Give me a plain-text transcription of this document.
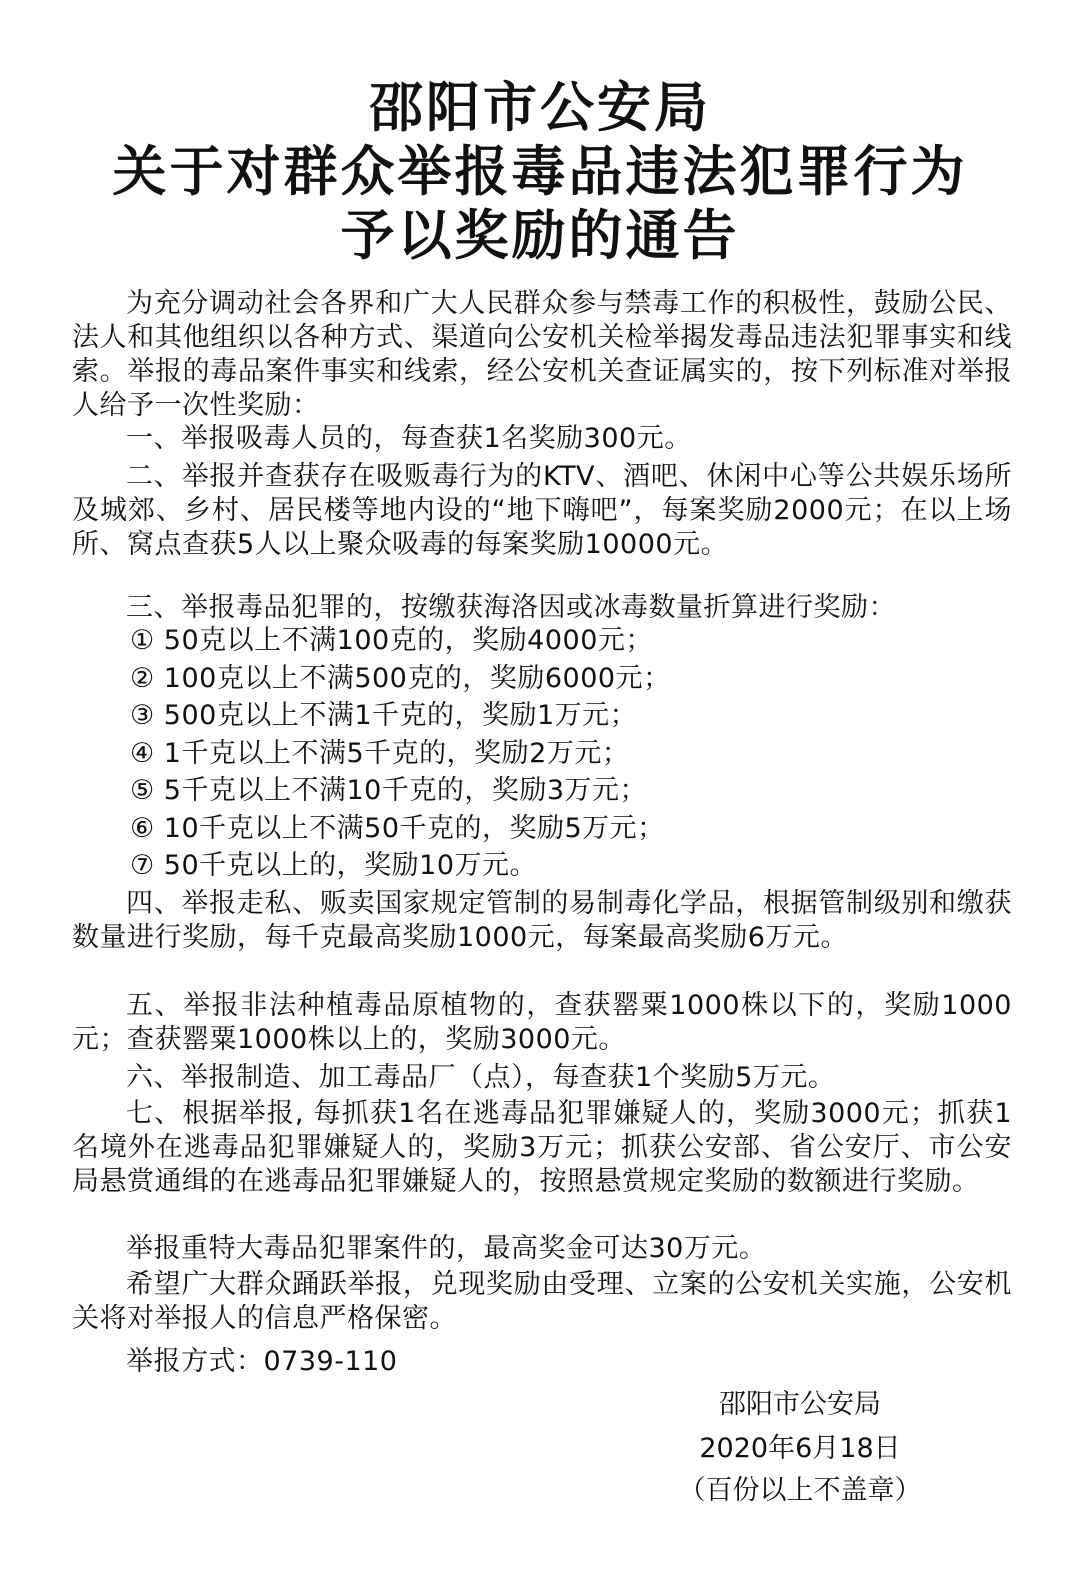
邵阳市公安局
关于对群众举报毒品违法犯罪行为
予以奖励的通告

为充分调动社会各界和广大人民群众参与禁毒工作的积极性，鼓励公民、法人和其他组织以各种方式、渠道向公安机关检举揭发毒品违法犯罪事实和线索。举报的毒品案件事实和线索，经公安机关查证属实的，按下列标准对举报人给予一次性奖励：

一、举报吸毒人员的，每查获1名奖励300元。

二、举报并查获存在吸贩毒行为的KTV、酒吧、休闲中心等公共娱乐场所及城郊、乡村、居民楼等地内设的“地下嗨吧”，每案奖励2000元；在以上场所、窝点查获5人以上聚众吸毒的每案奖励10000元。

三、举报毒品犯罪的，按缴获海洛因或冰毒数量折算进行奖励：

① 50克以上不满100克的，奖励4000元；

② 100克以上不满500克的，奖励6000元；

③ 500克以上不满1千克的，奖励1万元；

④ 1千克以上不满5千克的，奖励2万元；

⑤ 5千克以上不满10千克的，奖励3万元；

⑥ 10千克以上不满50千克的，奖励5万元；

⑦ 50千克以上的，奖励10万元。

四、举报走私、贩卖国家规定管制的易制毒化学品，根据管制级别和缴获数量进行奖励，每千克最高奖励1000元，每案最高奖励6万元。

五、举报非法种植毒品原植物的，查获罂粟1000株以下的，奖励1000元；查获罂粟1000株以上的，奖励3000元。

六、举报制造、加工毒品厂（点），每查获1个奖励5万元。

七、根据举报, 每抓获1名在逃毒品犯罪嫌疑人的，奖励3000元；抓获1名境外在逃毒品犯罪嫌疑人的，奖励3万元；抓获公安部、省公安厅、市公安局悬赏通缉的在逃毒品犯罪嫌疑人的，按照悬赏规定奖励的数额进行奖励。

举报重特大毒品犯罪案件的，最高奖金可达30万元。

希望广大群众踊跃举报，兑现奖励由受理、立案的公安机关实施，公安机关将对举报人的信息严格保密。

举报方式：0739-110

邵阳市公安局
2020年6月18日
（百份以上不盖章）
